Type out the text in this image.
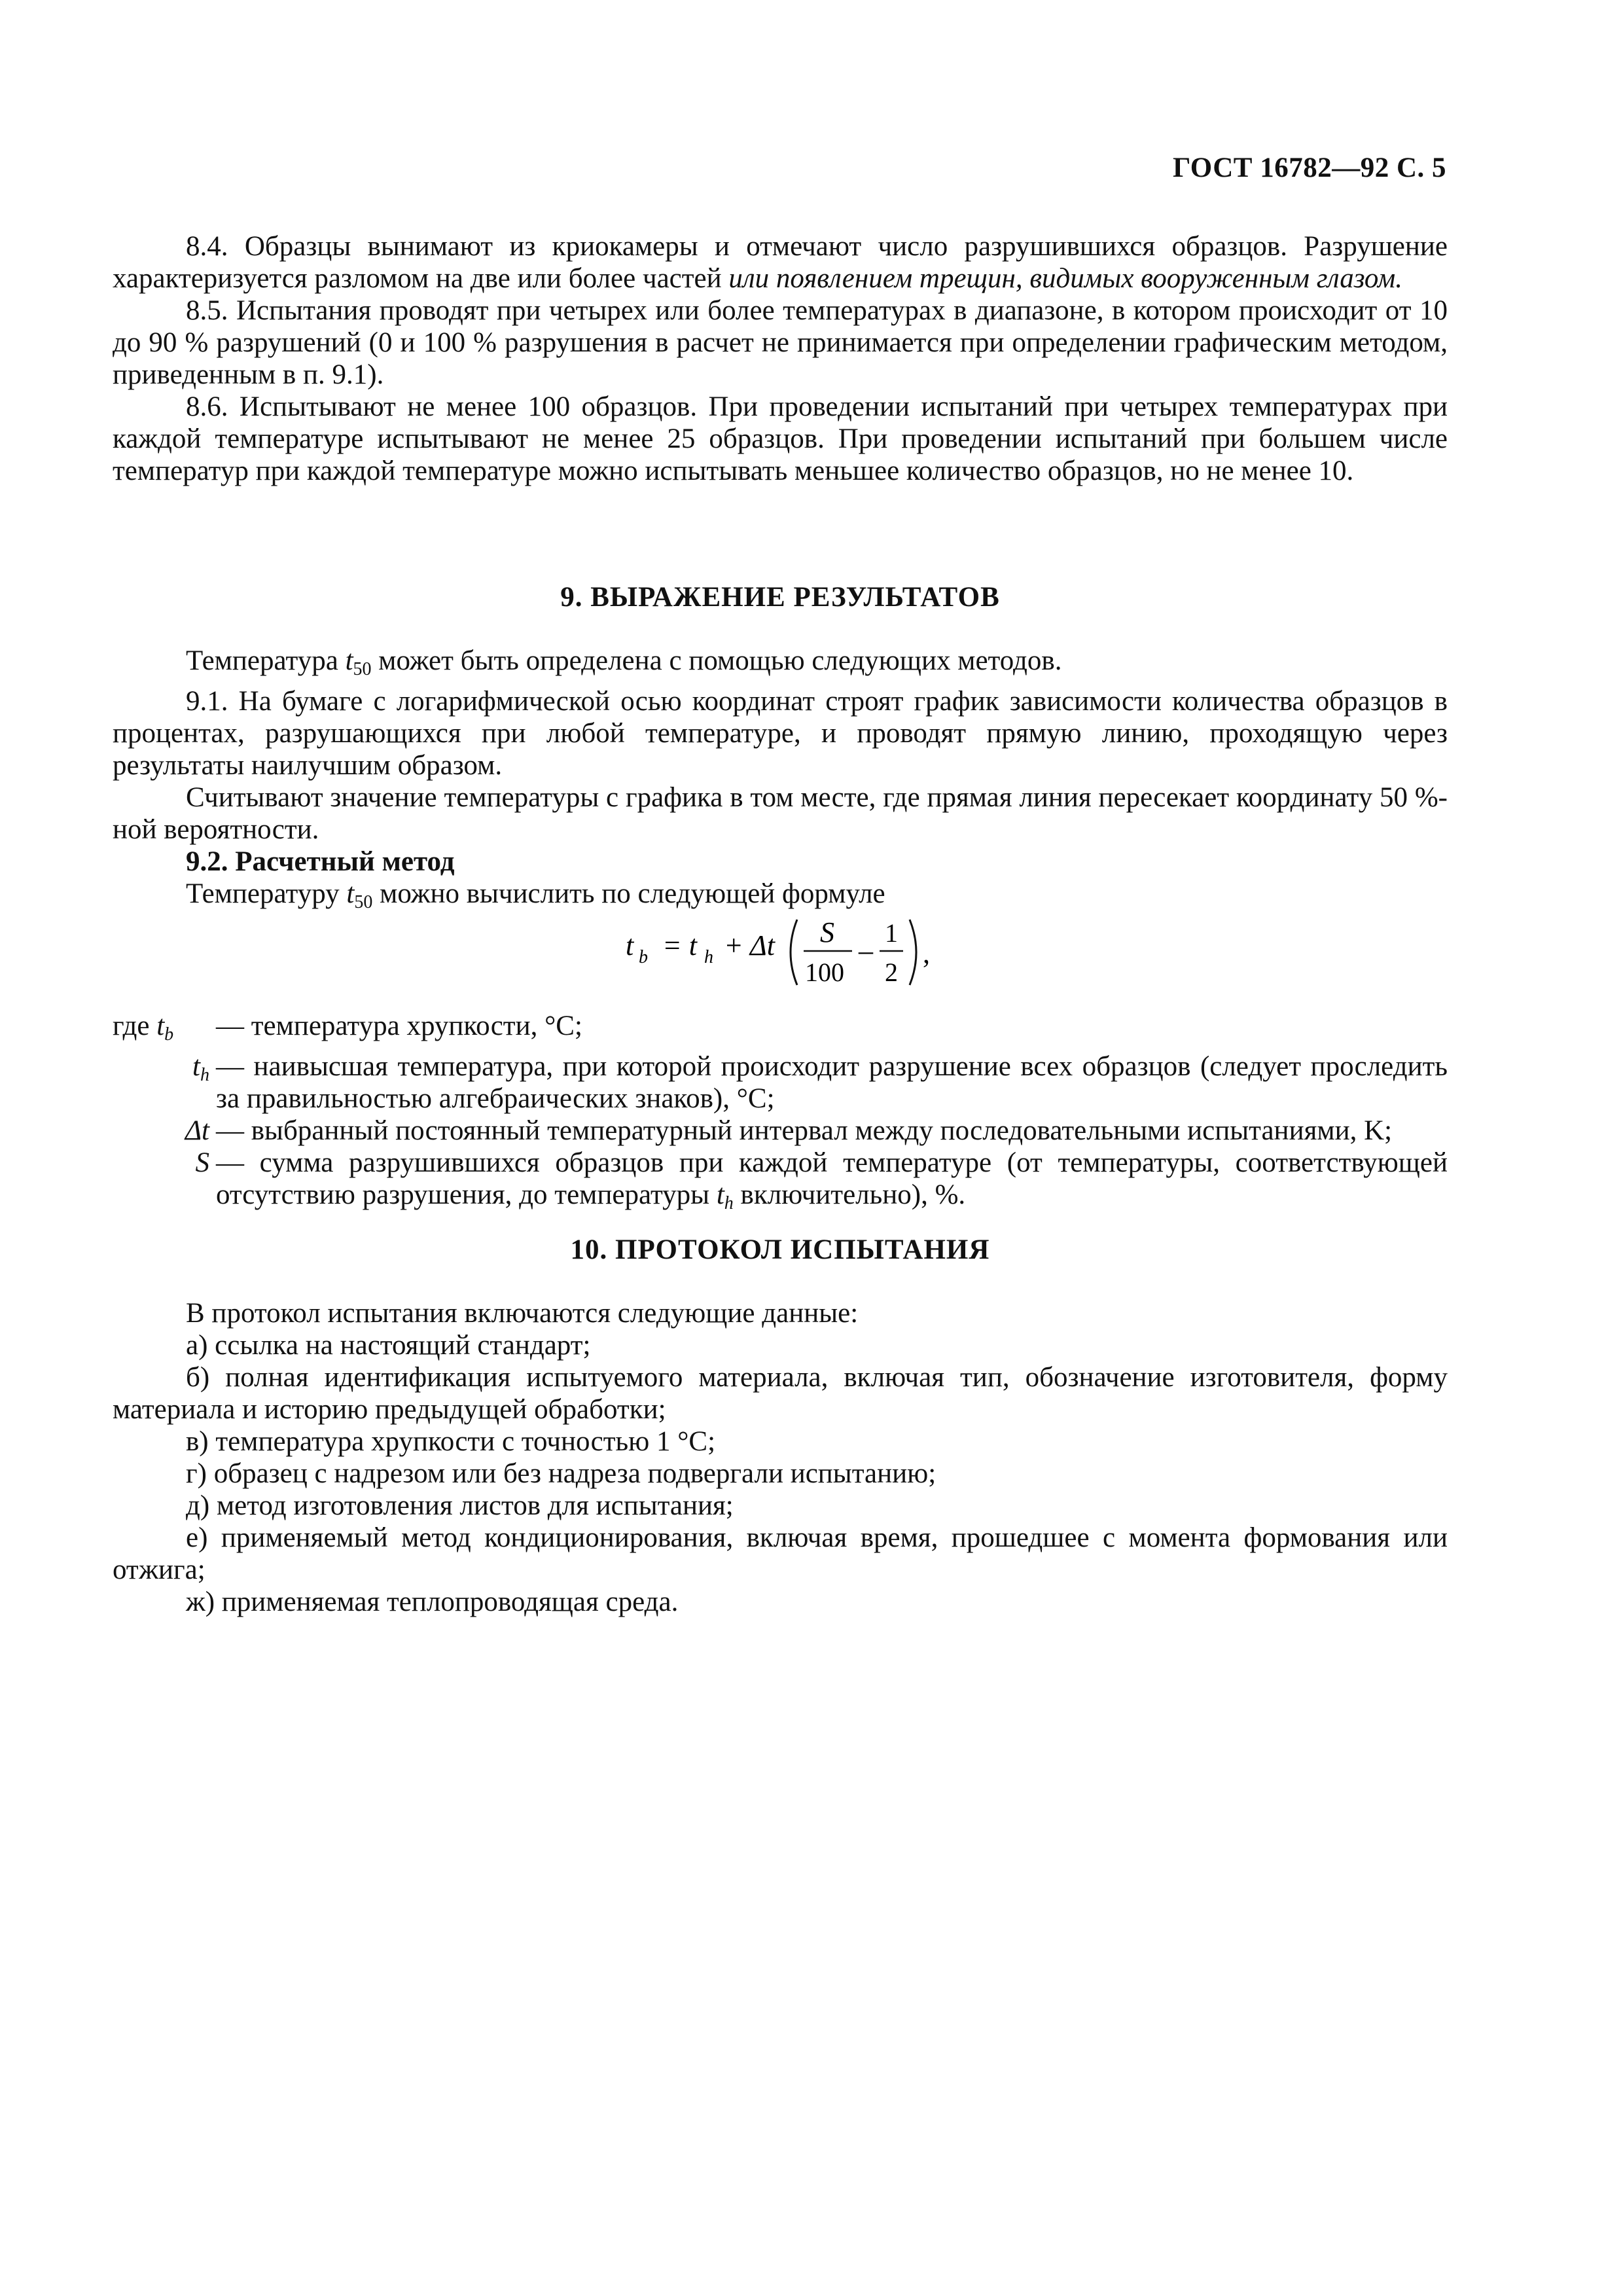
ГОСТ 16782—92 С. 5

8.4. Образцы вынимают из криокамеры и отмечают число разрушившихся образцов. Разрушение характеризуется разломом на две или более частей или появлением трещин, видимых вооруженным глазом.

8.5. Испытания проводят при четырех или более температурах в диапазоне, в котором происходит от 10 до 90 % разрушений (0 и 100 % разрушения в расчет не принимается при определении графическим методом, приведенным в п. 9.1).

8.6. Испытывают не менее 100 образцов. При проведении испытаний при четырех температурах при каждой температуре испытывают не менее 25 образцов. При проведении испытаний при большем числе температур при каждой температуре можно испытывать меньшее количество образцов, но не менее 10.

9. ВЫРАЖЕНИЕ РЕЗУЛЬТАТОВ

Температура $t_{50}$ может быть определена с помощью следующих методов.

9.1. На бумаге с логарифмической осью координат строят график зависимости количества образцов в процентах, разрушающихся при любой температуре, и проводят прямую линию, проходящую через результаты наилучшим образом.

Считывают значение температуры с графика в том месте, где прямая линия пересекает координату 50 %-ной вероятности.

9.2. Расчетный метод

Температуру $t_{50}$ можно вычислить по следующей формуле

t b = t h + Δt S
100
–
1
2
,
где $t_b$	— температура хрупкости, °C;
$t_h$ — наивысшая температура, при которой происходит разрушение всех образцов (следует проследить за правильностью алгебраических знаков), °C;
Δt — выбранный постоянный температурный интервал между последовательными испытаниями, K;
S — сумма разрушившихся образцов при каждой температуре (от температуры, соответствующей отсутствию разрушения, до температуры $t_h$ включительно), %.
10. ПРОТОКОЛ ИСПЫТАНИЯ

В протокол испытания включаются следующие данные:

а) ссылка на настоящий стандарт;

б) полная идентификация испытуемого материала, включая тип, обозначение изготовителя, форму материала и историю предыдущей обработки;

в) температура хрупкости с точностью 1 °C;

г) образец с надрезом или без надреза подвергали испытанию;

д) метод изготовления листов для испытания;

е) применяемый метод кондиционирования, включая время, прошедшее с момента формования или отжига;

ж) применяемая теплопроводящая среда.
